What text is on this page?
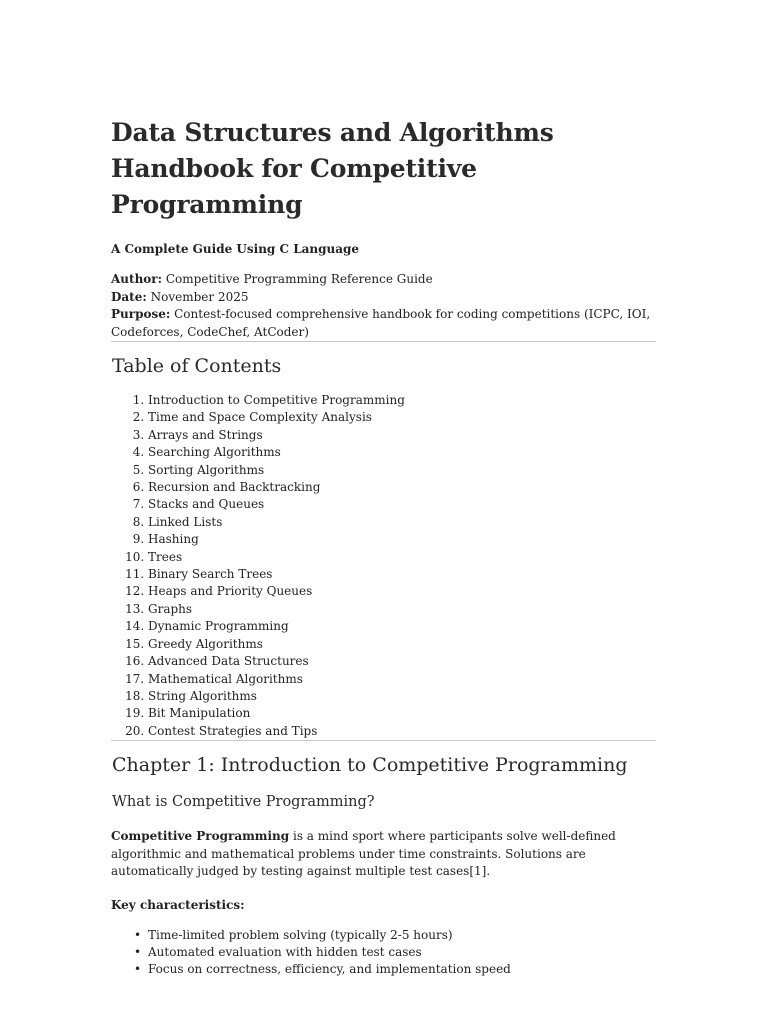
Data Structures and Algorithms Handbook for Competitive Programming

A Complete Guide Using C Language

Author: Competitive Programming Reference Guide
Date: November 2025
Purpose: Contest-focused comprehensive handbook for coding competitions (ICPC, IOI, Codeforces, CodeChef, AtCoder)
Table of Contents
1. Introduction to Competitive Programming
2. Time and Space Complexity Analysis
3. Arrays and Strings
4. Searching Algorithms
5. Sorting Algorithms
6. Recursion and Backtracking
7. Stacks and Queues
8. Linked Lists
9. Hashing
10. Trees
11. Binary Search Trees
12. Heaps and Priority Queues
13. Graphs
14. Dynamic Programming
15. Greedy Algorithms
16. Advanced Data Structures
17. Mathematical Algorithms
18. String Algorithms
19. Bit Manipulation
20. Contest Strategies and Tips
Chapter 1: Introduction to Competitive Programming
What is Competitive Programming?

Competitive Programming is a mind sport where participants solve well-defined algorithmic and mathematical problems under time constraints. Solutions are automatically judged by testing against multiple test cases[1].

Key characteristics:

• Time-limited problem solving (typically 2-5 hours)
• Automated evaluation with hidden test cases
• Focus on correctness, efficiency, and implementation speed
